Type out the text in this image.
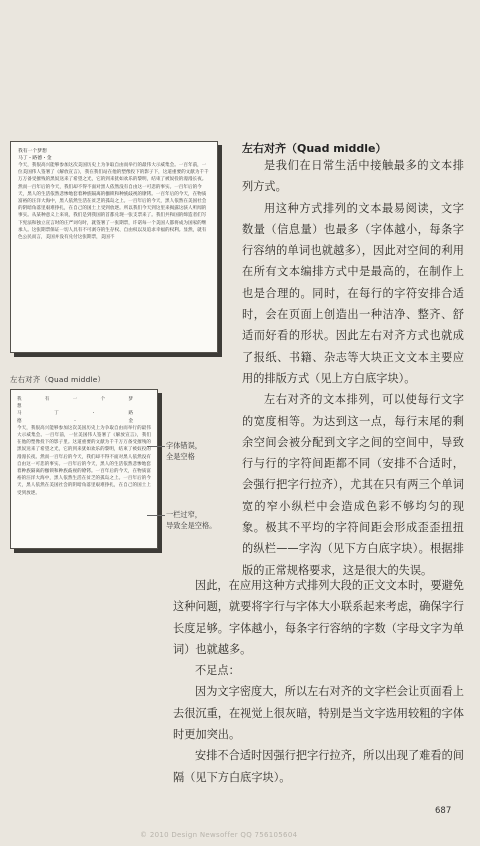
我有一个梦想

马丁・路德・金

今天，我很高兴能够参加这次美国历史上为争取自由而举行的最伟大示威集会。一百年前，一位美国伟人签署了《解放宣言》，我在我们站在他的塑像投下的影子下，这道重要的文献为千千万万备受摧残的黑奴送来了希望之光，它的到来犹如欢乐的黎明，结束了被奴役的漫漫长夜。然而一百年后的今天，我们却不得不面对黑人依然没有自由这一可悲的事实。一百年后的今天，黑人的生活依然悲惨地套着种族隔离的枷锁和种族歧视的镣铐。一百年后的今天，在物质富裕的汪洋大海中，黑人依然生活在贫乏的孤岛之上。一百年后的今天，黑人依然在美国社会的阴暗角落里艰难挣扎，在自己的国土上受到放逐。所以我们今天到这里来揭露这骇人听闻的事实。从某种意义上来说，我们是到我国的首都兑现一张支票来了。我们共和国的缔造者们写下宪法和独立宣言时的庄严词句时，就签署了一张期票，许诺每一个美国人都将成为国家的继承人。这张期票保证一切人具有不可剥夺的生存权、自由权以及追求幸福的权利。显然，就有色公民而言，美国并没有兑付这张期票，美国不

左右对齐（Quad middle）

我有一个梦想

马丁・路德・金

今天，我很高兴能够参加这次美国历史上为争取自由而举行的最伟大示威集会。一百年前，一位美国伟人签署了《解放宣言》，我们在他的塑像投下的影子里。这道重要的文献为千千万万备受摧残的黑奴送来了希望之光，它的到来犹如欢乐的黎明，结束了被奴役的漫漫长夜。然而一百年后的今天，我们却不得不面对黑人依然没有自由这一可悲的事实。一百年后的今天，黑人的生活依然悲惨地套着种族隔离的枷锁和种族歧视的镣铐。一百年后的今天，在物质富裕的汪洋大海中，黑人依然生活在贫乏的孤岛之上。一百年后的今天，黑人依然在美国社会的阴暗角落里艰难挣扎，在自己的国土上受到放逐。

字体错误，
全是空格
一栏过窄，
导致全是空格。
左右对齐（Quad middle）

是我们在日常生活中接触最多的文本排列方式。

用这种方式排列的文本最易阅读，文字数量（信息量）也最多（字体越小，每条字行容纳的单词也就越多），因此对空间的利用在所有文本编排方式中是最高的，在制作上也是合理的。同时，在每行的字符安排合适时，会在页面上创造出一种洁净、整齐、舒适而好看的形状。因此左右对齐方式也就成了报纸、书籍、杂志等大块正文文本主要应用的排版方式（见上方白底字块）。

左右对齐的文本排列，可以使每行文字的宽度相等。为达到这一点，每行末尾的剩余空间会被分配到文字之间的空间中，导致行与行的字符间距都不同（安排不合适时，会强行把字行拉齐），尤其在只有两三个单词宽的窄小纵栏中会造成色彩不够均匀的现象。极其不平均的字符间距会形成歪歪扭扭的纵栏——字沟（见下方白底字块）。根据排版的正常规格要求，这是很大的失误。

因此，在应用这种方式排列大段的正文文本时，要避免这种问题，就要将字行与字体大小联系起来考虑，确保字行长度足够。字体越小，每条字行容纳的字数（字母文字为单词）也就越多。

不足点：

因为文字密度大，所以左右对齐的文字栏会让页面看上去很沉重，在视觉上很灰暗，特别是当文字选用较粗的字体时更加突出。

安排不合适时因强行把字行拉齐，所以出现了难看的间隔（见下方白底字块）。

687
© 2010 Design Newsoffer QQ 756105604
